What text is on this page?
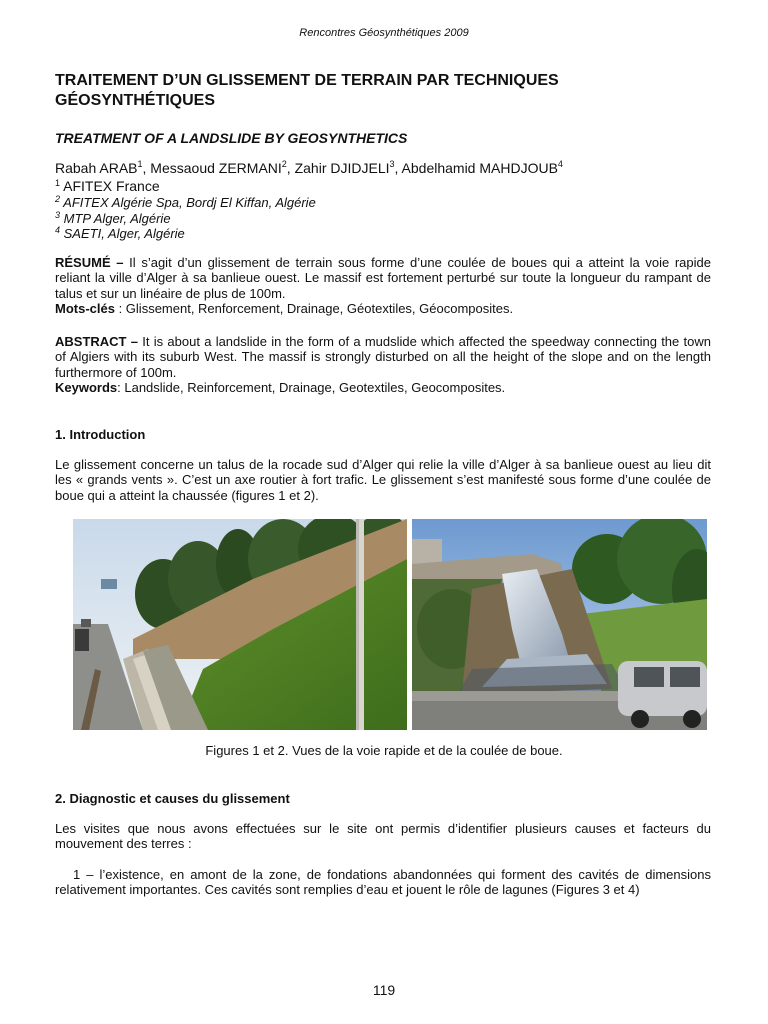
Rencontres Géosynthétiques 2009
TRAITEMENT D’UN GLISSEMENT DE TERRAIN PAR TECHNIQUES GÉOSYNTHÉTIQUES
TREATMENT OF A LANDSLIDE BY GEOSYNTHETICS
Rabah ARAB$^1$, Messaoud ZERMANI$^2$, Zahir DJIDJELI$^3$, Abdelhamid MAHDJOUB$^4$
$^1$ AFITEX France
$^2$ AFITEX Algérie Spa, Bordj El Kiffan, Algérie
$^3$ MTP Alger, Algérie
$^4$ SAETI, Alger, Algérie
RÉSUMÉ – Il s’agit d’un glissement de terrain sous forme d’une coulée de boues qui a atteint la voie rapide reliant la ville d’Alger à sa banlieue ouest. Le massif est fortement perturbé sur toute la longueur du rampant de talus et sur un linéaire de plus de 100m.
Mots-clés : Glissement, Renforcement, Drainage, Géotextiles, Géocomposites.
ABSTRACT – It is about a landslide in the form of a mudslide which affected the speedway connecting the town of Algiers with its suburb West. The massif is strongly disturbed on all the height of the slope and on the length furthermore of 100m.
Keywords: Landslide, Reinforcement, Drainage, Geotextiles, Geocomposites.
1. Introduction
Le glissement concerne un talus de la rocade sud d’Alger qui relie la ville d’Alger à sa banlieue ouest au lieu dit les « grands vents ». C’est un axe routier à fort trafic. Le glissement s’est manifesté sous forme d’une coulée de boue qui a atteint la chaussée (figures 1 et 2).
Figures 1 et 2. Vues de la voie rapide et de la coulée de boue.
2. Diagnostic et causes du glissement
Les visites que nous avons effectuées sur le site ont permis d’identifier plusieurs causes et facteurs du mouvement des terres :
1 – l’existence, en amont de la zone, de fondations abandonnées qui forment des cavités de dimensions relativement importantes. Ces cavités sont remplies d’eau et jouent le rôle de lagunes (Figures 3 et 4)
119
